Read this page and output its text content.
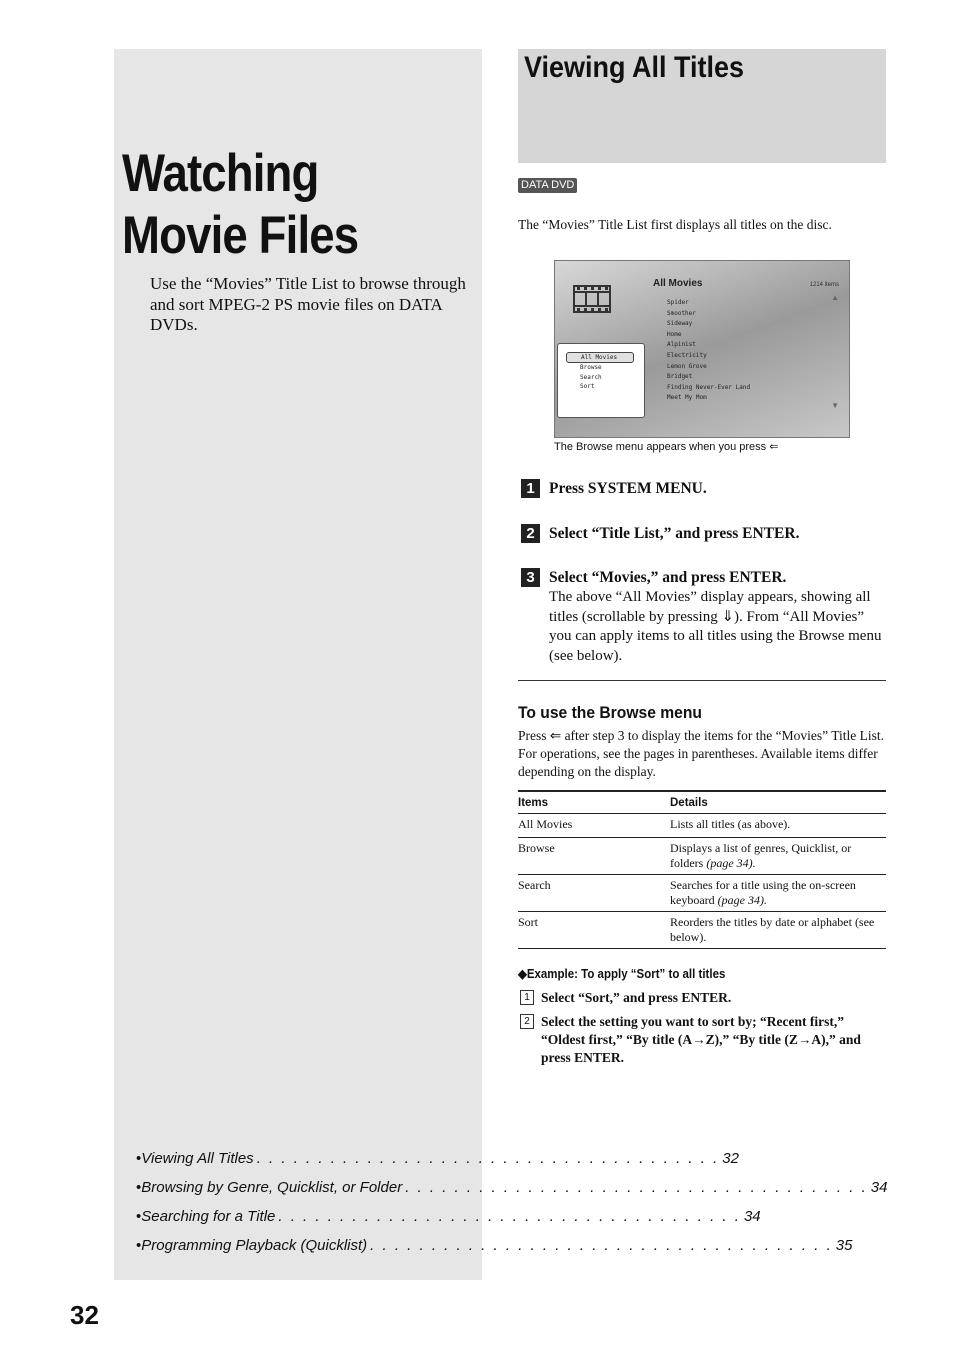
Watching Movie Files
Use the “Movies” Title List to browse through and sort MPEG-2 PS movie files on DATA DVDs.
• Viewing All Titles . . . . . . . . . . . . . . . . . . . . . . . . . . . . . . . . . . . . . . 32
• Browsing by Genre, Quicklist, or Folder . . . . . . . . . . . . . . . . . . . . . . . . . . . . . . . . . . . . . . 34
• Searching for a Title . . . . . . . . . . . . . . . . . . . . . . . . . . . . . . . . . . . . . . 34
• Programming Playback (Quicklist) . . . . . . . . . . . . . . . . . . . . . . . . . . . . . . . . . . . . . . 35
32
Viewing All Titles
DATA DVD
The “Movies” Title List first displays all titles on the disc.
All Movies	1214 items
▲
▼
Spider
Smoother
Sideway
Home
Alpinist
Electricity
Lemon Grove
Bridget
Finding Never-Ever Land
Meet My Mom
All Movies
Browse
Search
Sort
The Browse menu appears when you press ⇐
1 Press SYSTEM MENU.
2 Select “Title List,” and press ENTER.
3 Select “Movies,” and press ENTER.
The above “All Movies” display appears, showing all titles (scrollable by pressing ⇓). From “All Movies” you can apply items to all titles using the Browse menu (see below).
To use the Browse menu
Press ⇐ after step 3 to display the items for the “Movies” Title List. For operations, see the pages in parentheses. Available items differ depending on the display.
Items	Details
All Movies	Lists all titles (as above).
Browse	Displays a list of genres, Quicklist, or folders (page 34).
Search	Searches for a title using the on-screen keyboard (page 34).
Sort	Reorders the titles by date or alphabet (see below).
◆Example: To apply “Sort” to all titles
1 Select “Sort,” and press ENTER.
2 Select the setting you want to sort by; “Recent first,” “Oldest first,” “By title (A→Z),” “By title (Z→A),” and press ENTER.
